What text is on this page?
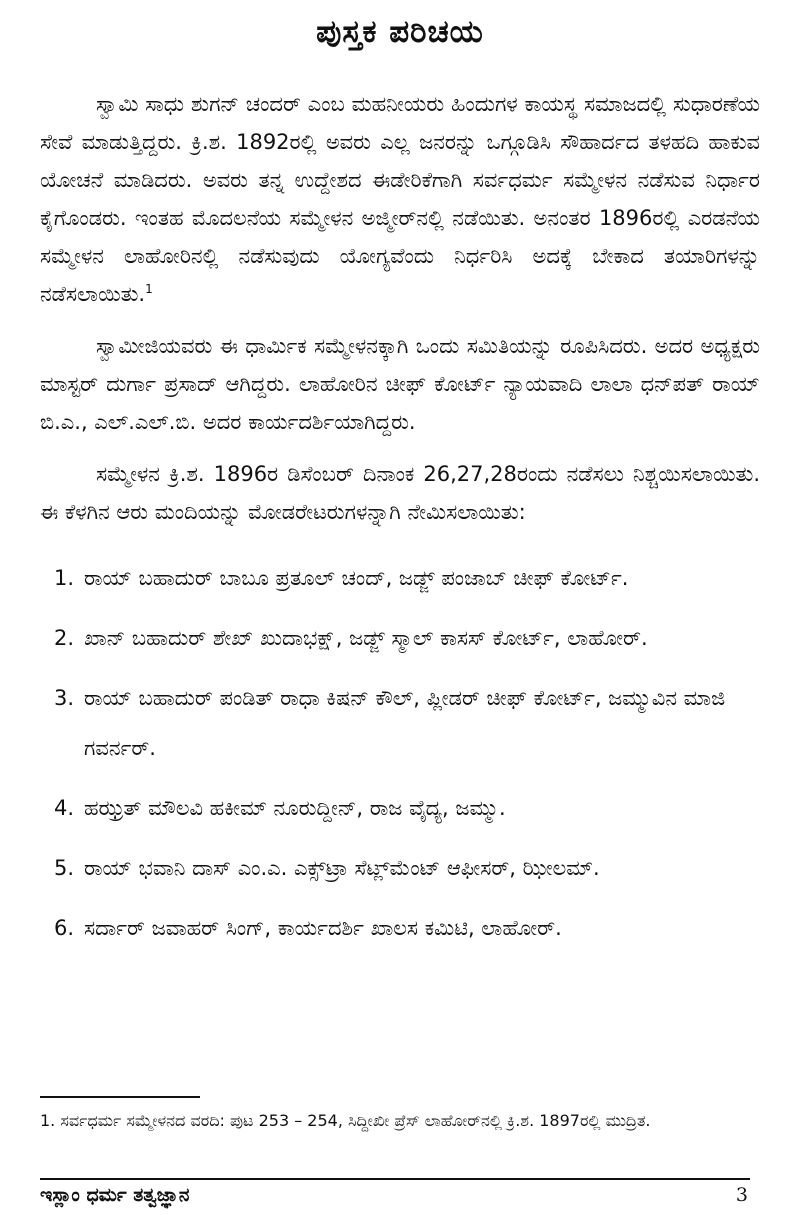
ಪುಸ್ತಕ ಪರಿಚಯ

ಸ್ವಾಮಿ ಸಾಧು ಶುಗನ್ ಚಂದರ್ ಎಂಬ ಮಹನೀಯರು ಹಿಂದುಗಳ ಕಾಯಸ್ಥ ಸಮಾಜದಲ್ಲಿ ಸುಧಾರಣೆಯ ಸೇವೆ ಮಾಡುತ್ತಿದ್ದರು. ಕ್ರಿ.ಶ. 1892ರಲ್ಲಿ ಅವರು ಎಲ್ಲ ಜನರನ್ನು ಒಗ್ಗೂಡಿಸಿ ಸೌಹಾರ್ದದ ತಳಹದಿ ಹಾಕುವ ಯೋಚನೆ ಮಾಡಿದರು. ಅವರು ತನ್ನ ಉದ್ದೇಶದ ಈಡೇರಿಕೆಗಾಗಿ ಸರ್ವಧರ್ಮ ಸಮ್ಮೇಳನ ನಡೆಸುವ ನಿರ್ಧಾರ ಕೈಗೊಂಡರು. ಇಂತಹ ಮೊದಲನೆಯ ಸಮ್ಮೇಳನ ಅಜ್ಮೀರ್‌ನಲ್ಲಿ ನಡೆಯಿತು. ಅನಂತರ 1896ರಲ್ಲಿ ಎರಡನೆಯ ಸಮ್ಮೇಳನ ಲಾಹೋರಿನಲ್ಲಿ ನಡೆಸುವುದು ಯೋಗ್ಯವೆಂದು ನಿರ್ಧರಿಸಿ ಅದಕ್ಕೆ ಬೇಕಾದ ತಯಾರಿಗಳನ್ನು ನಡೆಸಲಾಯಿತು.$^1$

ಸ್ವಾಮೀಜಿಯವರು ಈ ಧಾರ್ಮಿಕ ಸಮ್ಮೇಳನಕ್ಕಾಗಿ ಒಂದು ಸಮಿತಿಯನ್ನು ರೂಪಿಸಿದರು. ಅದರ ಅಧ್ಯಕ್ಷರು ಮಾಸ್ಟರ್ ದುರ್ಗಾ ಪ್ರಸಾದ್ ಆಗಿದ್ದರು. ಲಾಹೋರಿನ ಚೀಫ್ ಕೋರ್ಟ್ ನ್ಯಾಯವಾದಿ ಲಾಲಾ ಧನ್‌ಪತ್ ರಾಯ್ ಬಿ.ಎ., ಎಲ್.ಎಲ್.ಬಿ. ಅದರ ಕಾರ್ಯದರ್ಶಿಯಾಗಿದ್ದರು.

ಸಮ್ಮೇಳನ ಕ್ರಿ.ಶ. 1896ರ ಡಿಸೆಂಬರ್ ದಿನಾಂಕ 26,27,28ರಂದು ನಡೆಸಲು ನಿಶ್ಚಯಿಸಲಾಯಿತು. ಈ ಕೆಳಗಿನ ಆರು ಮಂದಿಯನ್ನು ಮೋಡರೇಟರುಗಳನ್ನಾಗಿ ನೇಮಿಸಲಾಯಿತು:

1. ರಾಯ್ ಬಹಾದುರ್ ಬಾಬೂ ಪ್ರತೂಲ್ ಚಂದ್, ಜಡ್ಜ್ ಪಂಜಾಬ್ ಚೀಫ್ ಕೋರ್ಟ್.
2. ಖಾನ್ ಬಹಾದುರ್ ಶೇಖ್ ಖುದಾಭಕ್ಷ್, ಜಡ್ಜ್ ಸ್ಮಾಲ್ ಕಾಸಸ್ ಕೋರ್ಟ್, ಲಾಹೋರ್.
3. ರಾಯ್ ಬಹಾದುರ್ ಪಂಡಿತ್ ರಾಧಾ ಕಿಷನ್ ಕೌಲ್, ಪ್ಲೀಡರ್ ಚೀಫ್ ಕೋರ್ಟ್, ಜಮ್ಮುವಿನ ಮಾಜಿ ಗವರ್ನರ್.
4. ಹಝ್ರತ್ ಮೌಲವಿ ಹಕೀಮ್ ನೂರುದ್ದೀನ್, ರಾಜ ವೈದ್ಯ, ಜಮ್ಮು.
5. ರಾಯ್ ಭವಾನಿ ದಾಸ್ ಎಂ.ಎ. ಎಕ್ಸ್‌ಟ್ರಾ ಸೆಟ್ಲ್‌ಮೆಂಟ್ ಆಫೀಸರ್, ಝೀಲಮ್.
6. ಸರ್ದಾರ್ ಜವಾಹರ್ ಸಿಂಗ್, ಕಾರ್ಯದರ್ಶಿ ಖಾಲಸ ಕಮಿಟಿ, ಲಾಹೋರ್.

1. ಸರ್ವಧರ್ಮ ಸಮ್ಮೇಳನದ ವರದಿ: ಪುಟ 253 – 254, ಸಿದ್ದೀಖೀ ಪ್ರೆಸ್ ಲಾಹೋರ್‌ನಲ್ಲಿ ಕ್ರಿ.ಶ. 1897ರಲ್ಲಿ ಮುದ್ರಿತ.

ಇಸ್ಲಾಂ ಧರ್ಮ ತತ್ವಜ್ಞಾನ	3
